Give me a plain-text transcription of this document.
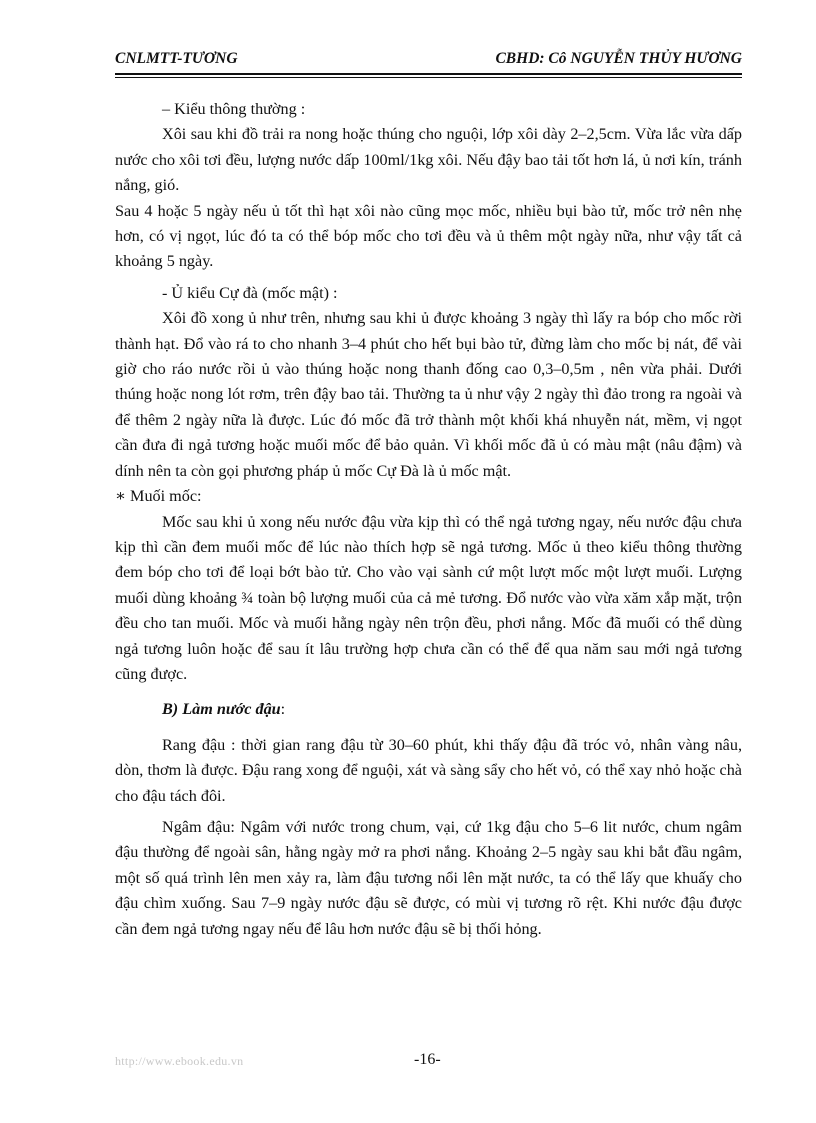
CNLMTT-TƯƠNG	CBHD: Cô NGUYỄN THỦY HƯƠNG

– Kiểu thông thường :

Xôi sau khi đồ trải ra nong hoặc thúng cho nguội, lớp xôi dày 2–2,5cm. Vừa lắc vừa dấp nước cho xôi tơi đều, lượng nước dấp 100ml/1kg xôi. Nếu đậy bao tải tốt hơn lá, ủ nơi kín, tránh nắng, gió.

Sau 4 hoặc 5 ngày nếu ủ tốt thì hạt xôi nào cũng mọc mốc, nhiều bụi bào tử, mốc trở nên nhẹ hơn, có vị ngọt, lúc đó ta có thể bóp mốc cho tơi đều và ủ thêm một ngày nữa, như vậy tất cả khoảng 5 ngày.

- Ủ kiểu Cự đà (mốc mật) :

Xôi đồ xong ủ như trên, nhưng sau khi ủ được khoảng 3 ngày thì lấy ra bóp cho mốc rời thành hạt. Đổ vào rá to cho nhanh 3–4 phút cho hết bụi bào tử, đừng làm cho mốc bị nát, để vài giờ cho ráo nước rồi ủ vào thúng hoặc nong thanh đống cao 0,3–0,5m , nên vừa phải. Dưới thúng hoặc nong lót rơm, trên đậy bao tải. Thường ta ủ như vậy 2 ngày thì đảo trong ra ngoài và để thêm 2 ngày nữa là được. Lúc đó mốc đã trở thành một khối khá nhuyễn nát, mềm, vị ngọt cần đưa đi ngả tương hoặc muối mốc để bảo quản. Vì khối mốc đã ủ có màu mật (nâu đậm) và dính nên ta còn gọi phương pháp ủ mốc Cự Đà là ủ mốc mật.

∗ Muối mốc:

Mốc sau khi ủ xong nếu nước đậu vừa kịp thì có thể ngả tương ngay, nếu nước đậu chưa kịp thì cần đem muối mốc để lúc nào thích hợp sẽ ngả tương. Mốc ủ theo kiểu thông thường đem bóp cho tơi để loại bớt bào tử. Cho vào vại sành cứ một lượt mốc một lượt muối. Lượng muối dùng khoảng ¾ toàn bộ lượng muối của cả mẻ tương. Đổ nước vào vừa xăm xắp mặt, trộn đều cho tan muối. Mốc và muối hằng ngày nên trộn đều, phơi nắng. Mốc đã muối có thể dùng ngả tương luôn hoặc để sau ít lâu trường hợp chưa cần có thể để qua năm sau mới ngả tương cũng được.

B) Làm nước đậu:

Rang đậu : thời gian rang đậu từ 30–60 phút, khi thấy đậu đã tróc vỏ, nhân vàng nâu, dòn, thơm là được. Đậu rang xong để nguội, xát và sàng sẩy cho hết vỏ, có thể xay nhỏ hoặc chà cho đậu tách đôi.

Ngâm đậu: Ngâm với nước trong chum, vại, cứ 1kg đậu cho 5–6 lit nước, chum ngâm đậu thường để ngoài sân, hằng ngày mở ra phơi nắng. Khoảng 2–5 ngày sau khi bắt đầu ngâm, một số quá trình lên men xảy ra, làm đậu tương nổi lên mặt nước, ta có thể lấy que khuấy cho đậu chìm xuống. Sau 7–9 ngày nước đậu sẽ được, có mùi vị tương rõ rệt. Khi nước đậu được cần đem ngả tương ngay nếu để lâu hơn nước đậu sẽ bị thối hỏng.

http://www.ebook.edu.vn	-16-
